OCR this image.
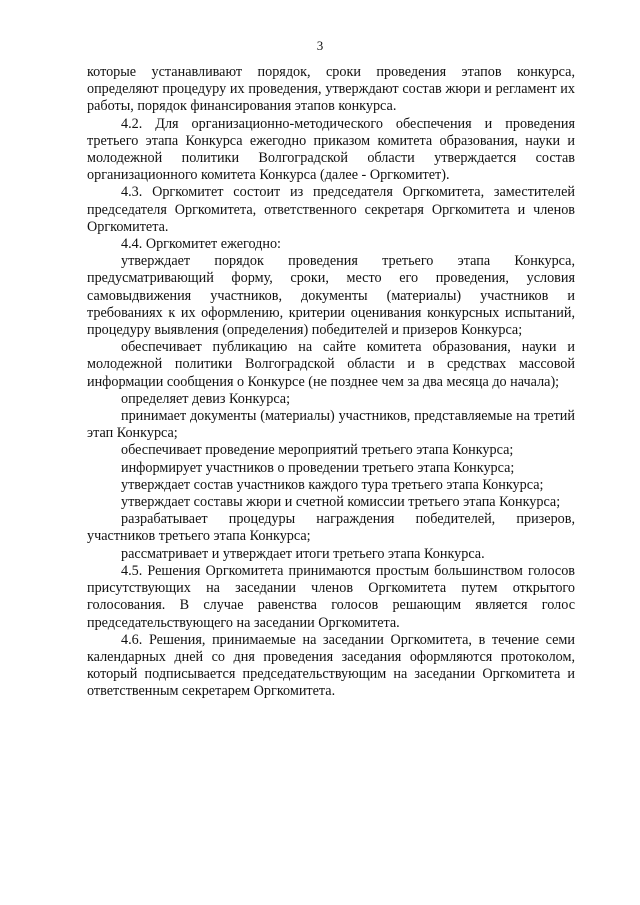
3

которые устанавливают порядок, сроки проведения этапов конкурса, определяют процедуру их проведения, утверждают состав жюри и регламент их работы, порядок финансирования этапов конкурса.

4.2. Для организационно-методического обеспечения и проведения третьего этапа Конкурса ежегодно приказом комитета образования, науки и молодежной политики Волгоградской области утверждается состав организационного комитета Конкурса (далее - Оргкомитет).

4.3. Оргкомитет состоит из председателя Оргкомитета, заместителей председателя Оргкомитета, ответственного секретаря Оргкомитета и членов Оргкомитета.

4.4. Оргкомитет ежегодно:

утверждает порядок проведения третьего этапа Конкурса, предусматривающий форму, сроки, место его проведения, условия самовыдвижения участников, документы (материалы) участников и требованиях к их оформлению, критерии оценивания конкурсных испытаний, процедуру выявления (определения) победителей и призеров Конкурса;

обеспечивает публикацию на сайте комитета образования, науки и молодежной политики Волгоградской области и в средствах массовой информации сообщения о Конкурсе (не позднее чем за два месяца до начала);

определяет девиз Конкурса;

принимает документы (материалы) участников, представляемые на третий этап Конкурса;

обеспечивает проведение мероприятий третьего этапа Конкурса;

информирует участников о проведении третьего этапа Конкурса;

утверждает состав участников каждого тура третьего этапа Конкурса;

утверждает составы жюри и счетной комиссии третьего этапа Конкурса;

разрабатывает процедуры награждения победителей, призеров, участников третьего этапа Конкурса;

рассматривает и утверждает итоги третьего этапа Конкурса.

4.5. Решения Оргкомитета принимаются простым большинством голосов присутствующих на заседании членов Оргкомитета путем открытого голосования. В случае равенства голосов решающим является голос председательствующего на заседании Оргкомитета.

4.6. Решения, принимаемые на заседании Оргкомитета, в течение семи календарных дней со дня проведения заседания оформляются протоколом, который подписывается председательствующим на заседании Оргкомитета и ответственным секретарем Оргкомитета.
